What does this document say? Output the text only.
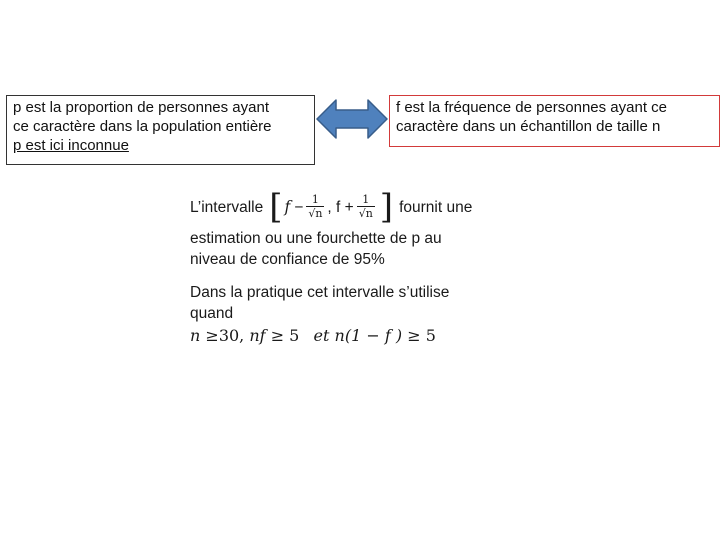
p est la proportion de personnes ayant
ce caractère dans la population entière
p est ici inconnue
f est la fréquence de personnes ayant ce
caractère dans un échantillon de taille n
L’intervalle [ $f - \frac{1}{√n}$ , $f + \frac{1}{√n}$ ] fournit une
estimation ou une fourchette de p au
niveau de confiance de 95%
Dans la pratique cet intervalle s’utilise
quand
n ≥30, nf ≥ 5 et n(1 − f ) ≥ 5
